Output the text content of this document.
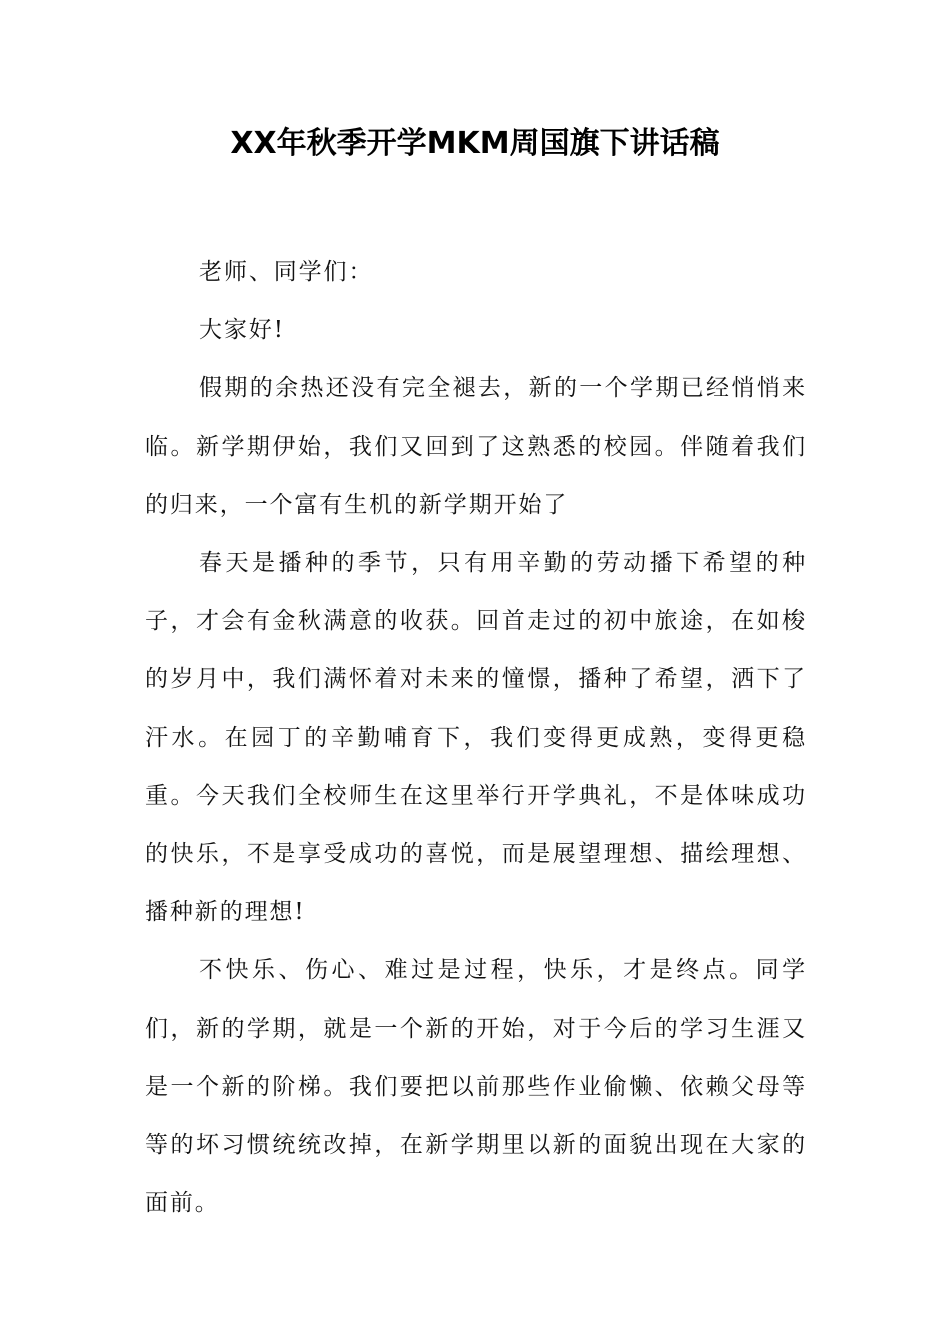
XX年秋季开学MKM周国旗下讲话稿

老师、同学们：

大家好!

假期的余热还没有完全褪去，新的一个学期已经悄悄来临。新学期伊始，我们又回到了这熟悉的校园。伴随着我们的归来，一个富有生机的新学期开始了

春天是播种的季节，只有用辛勤的劳动播下希望的种子，才会有金秋满意的收获。回首走过的初中旅途，在如梭的岁月中，我们满怀着对未来的憧憬，播种了希望，洒下了汗水。在园丁的辛勤哺育下，我们变得更成熟，变得更稳重。今天我们全校师生在这里举行开学典礼，不是体味成功的快乐，不是享受成功的喜悦，而是展望理想、描绘理想、播种新的理想!

不快乐、伤心、难过是过程，快乐，才是终点。同学们，新的学期，就是一个新的开始，对于今后的学习生涯又是一个新的阶梯。我们要把以前那些作业偷懒、依赖父母等等的坏习惯统统改掉，在新学期里以新的面貌出现在大家的面前。
